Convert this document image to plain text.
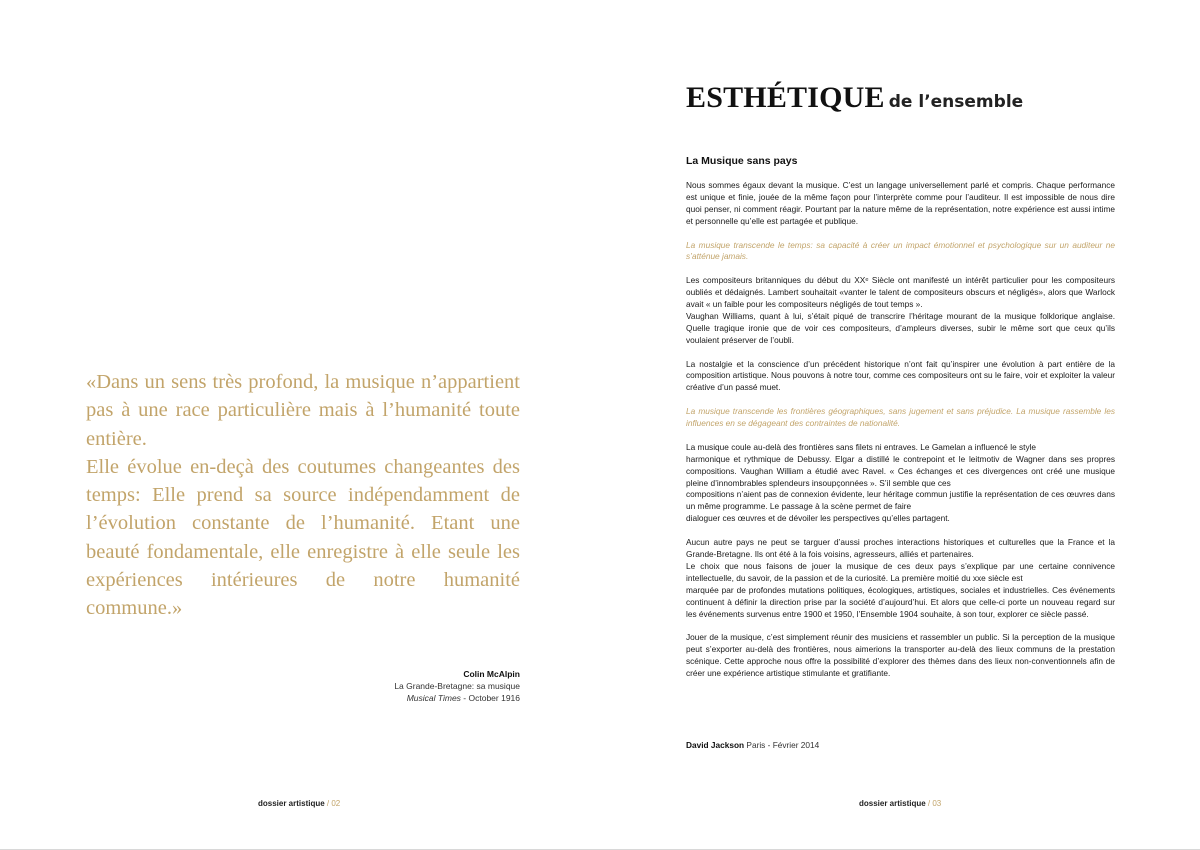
«Dans un sens très profond, la musique n’appartient pas à une race particulière mais à l’humanité toute entière.

Elle évolue en-deçà des coutumes changeantes des temps: Elle prend sa source indépendamment de l’évolution constante de l’humanité. Etant une beauté fondamentale, elle enregistre à elle seule les expériences intérieures de notre humanité commune.»

Colin McAlpin
La Grande-Bretagne: sa musique
Musical Times - October 1916
dossier artistique / 02
ESTHÉTIQUE de l’ensemble
La Musique sans pays

Nous sommes égaux devant la musique. C’est un langage universellement parlé et compris. Chaque performance est unique et finie, jouée de la même façon pour l’interprète comme pour l’auditeur. Il est impossible de nous dire quoi penser, ni comment réagir. Pourtant par la nature même de la représentation, notre expérience est aussi intime et personnelle qu’elle est partagée et publique.

La musique transcende le temps: sa capacité à créer un impact émotionnel et psychologique sur un auditeur ne s’atténue jamais.

Les compositeurs britanniques du début du XXᵉ Siècle ont manifesté un intérêt particulier pour les compositeurs oubliés et dédaignés. Lambert souhaitait «vanter le talent de compositeurs obscurs et négligés», alors que Warlock avait « un faible pour les compositeurs négligés de tout temps ».
Vaughan Williams, quant à lui, s’était piqué de transcrire l’héritage mourant de la musique folklorique anglaise. Quelle tragique ironie que de voir ces compositeurs, d’ampleurs diverses, subir le même sort que ceux qu’ils voulaient préserver de l’oubli.

La nostalgie et la conscience d’un précédent historique n’ont fait qu’inspirer une évolution à part entière de la composition artistique. Nous pouvons à notre tour, comme ces compositeurs ont su le faire, voir et exploiter la valeur créative d’un passé muet.

La musique transcende les frontières géographiques, sans jugement et sans préjudice. La musique rassemble les influences en se dégageant des contraintes de nationalité.

La musique coule au-delà des frontières sans filets ni entraves. Le Gamelan a influencé le style
harmonique et rythmique de Debussy. Elgar a distillé le contrepoint et le leitmotiv de Wagner dans ses propres compositions. Vaughan William a étudié avec Ravel. « Ces échanges et ces divergences ont créé une musique pleine d’innombrables splendeurs insoupçonnées ». S’il semble que ces
compositions n’aient pas de connexion évidente, leur héritage commun justifie la représentation de ces œuvres dans un même programme. Le passage à la scène permet de faire
dialoguer ces œuvres et de dévoiler les perspectives qu’elles partagent.

Aucun autre pays ne peut se targuer d’aussi proches interactions historiques et culturelles que la France et la Grande-Bretagne. Ils ont été à la fois voisins, agresseurs, alliés et partenaires.
Le choix que nous faisons de jouer la musique de ces deux pays s’explique par une certaine connivence intellectuelle, du savoir, de la passion et de la curiosité. La première moitié du xxe siècle est
marquée par de profondes mutations politiques, écologiques, artistiques, sociales et industrielles. Ces événements continuent à définir la direction prise par la société d’aujourd’hui. Et alors que celle-ci porte un nouveau regard sur les événements survenus entre 1900 et 1950, l’Ensemble 1904 souhaite, à son tour, explorer ce siècle passé.

Jouer de la musique, c’est simplement réunir des musiciens et rassembler un public. Si la perception de la musique peut s’exporter au-delà des frontières, nous aimerions la transporter au-delà des lieux communs de la prestation scénique. Cette approche nous offre la possibilité d’explorer des thèmes dans des lieux non-conventionnels afin de créer une expérience artistique stimulante et gratifiante.

David Jackson Paris - Février 2014
dossier artistique / 03
